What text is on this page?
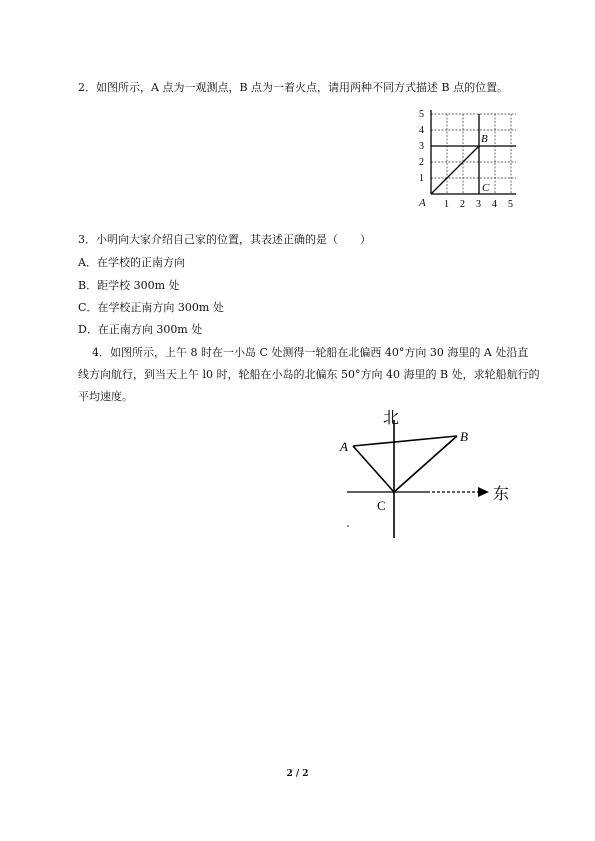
2．如图所示，A 点为一观测点，B 点为一着火点，请用两种不同方式描述 B 点的位置。
5
4
3
2
1
1 2 3 4 5
A
B
C
3．小明向大家介绍自己家的位置，其表述正确的是（　　）
A．在学校的正南方向
B．距学校 300m 处
C．在学校正南方向 300m 处
D．在正南方向 300m 处
4．如图所示，上午 8 时在一小岛 C 处测得一轮船在北偏西 40°方向 30 海里的 A 处沿直
线方向航行，到当天上午 l0 时，轮船在小岛的北偏东 50°方向 40 海里的 B 处，求轮船航行的
平均速度。
北
东
A
B
C
2 / 2
